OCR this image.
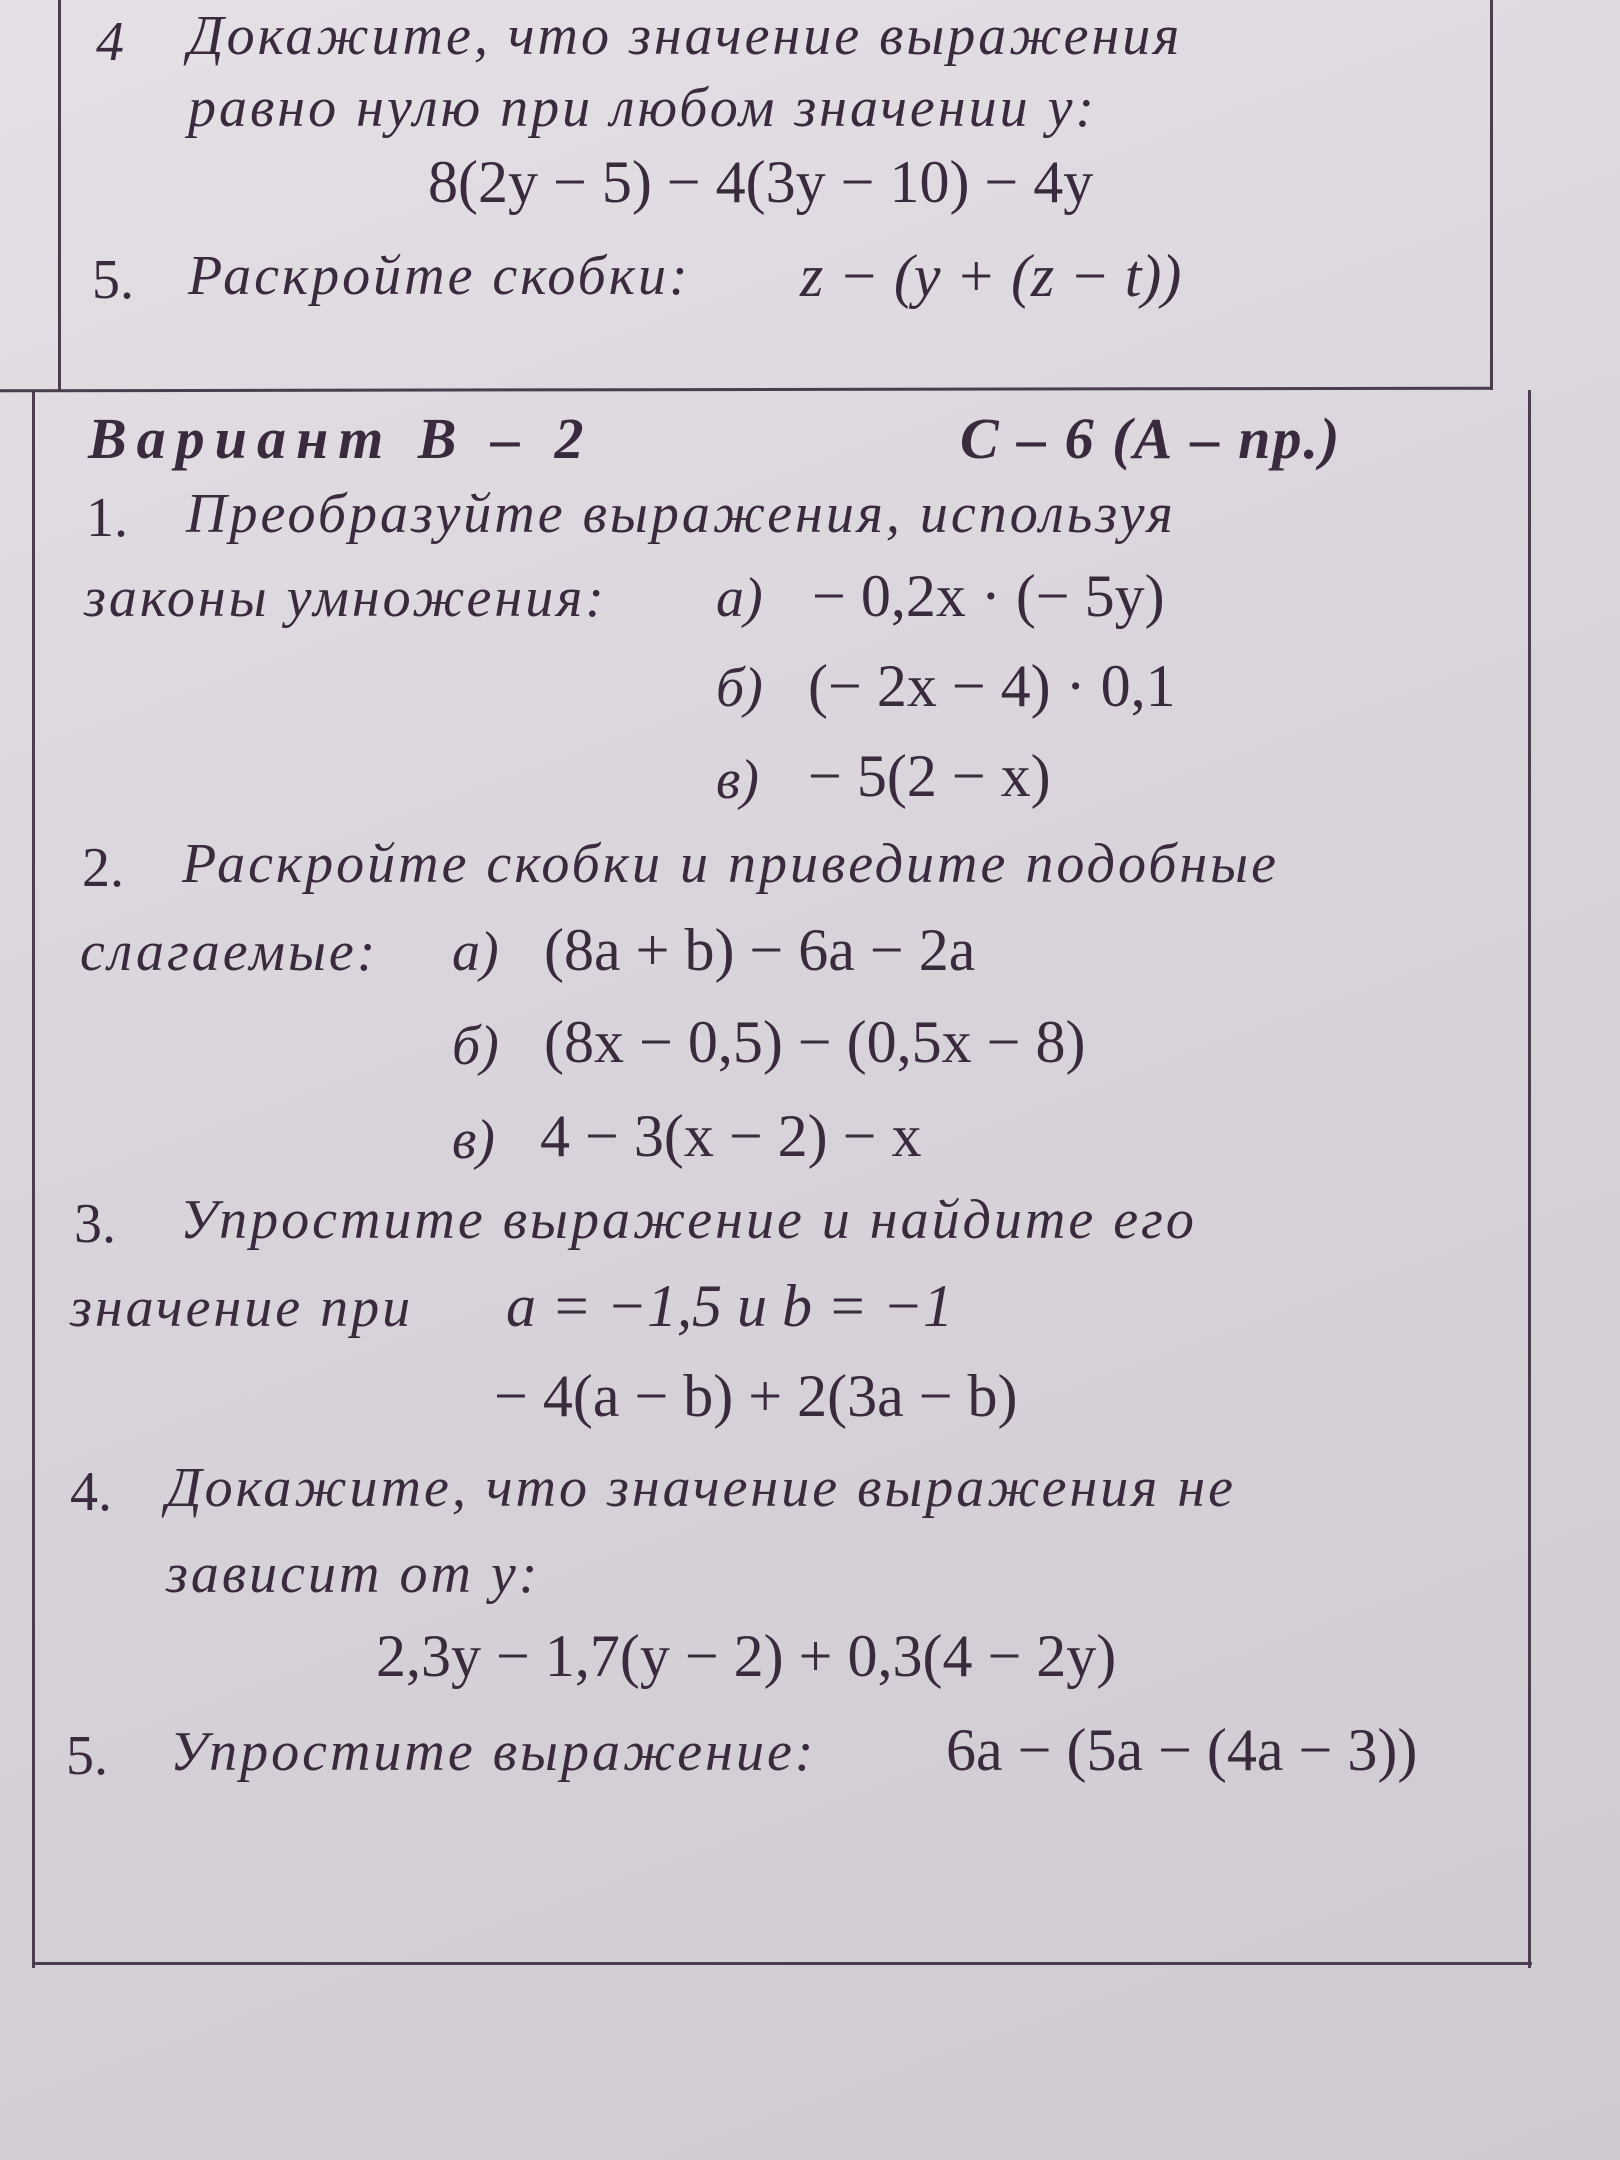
4 Докажите, что значение выражения
равно нулю при любом значении y:
8(2y − 5) − 4(3y − 10) − 4y
5. Раскройте скобки: z − (y + (z − t))
Вариант В – 2	С – 6 (А – пр.)
1. Преобразуйте выражения, используя
законы умножения: а) − 0,2x · (− 5y)
б) (− 2x − 4) · 0,1
в) − 5(2 − x)
2. Раскройте скобки и приведите подобные
слагаемые: а) (8a + b) − 6a − 2a
б) (8x − 0,5) − (0,5x − 8)
в) 4 − 3(x − 2) − x
3. Упростите выражение и найдите его
значение при a = −1,5 и b = −1
− 4(a − b) + 2(3a − b)
4. Докажите, что значение выражения не
зависит от y:
2,3y − 1,7(y − 2) + 0,3(4 − 2y)
5. Упростите выражение: 6a − (5a − (4a − 3))
